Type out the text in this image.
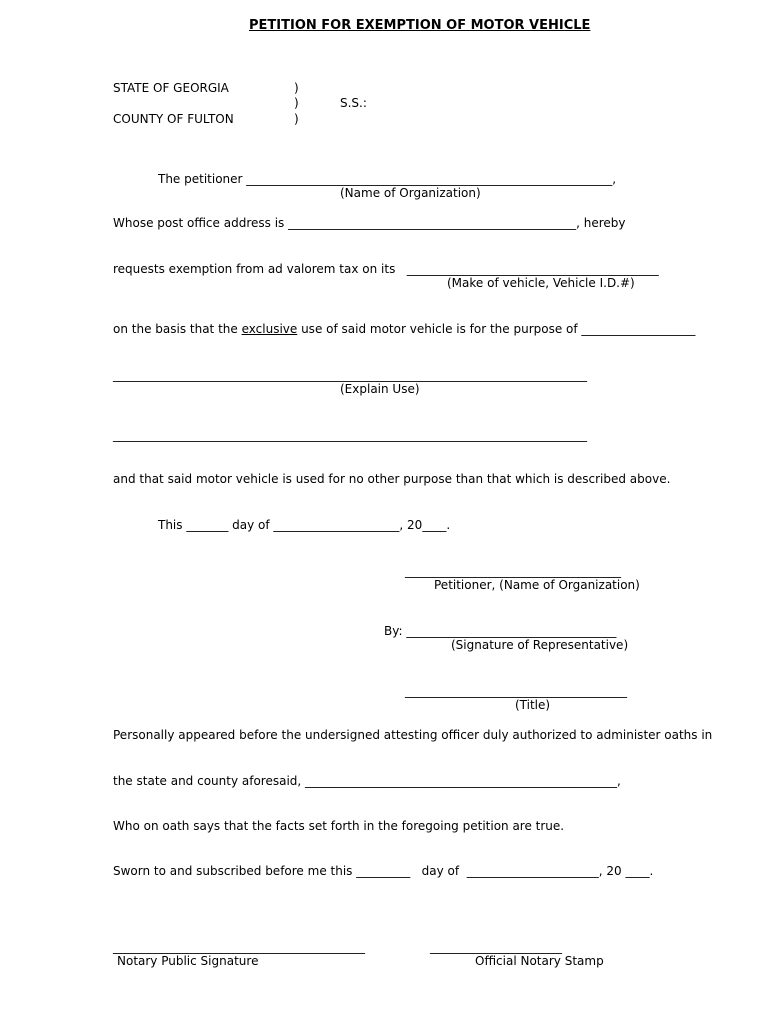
PETITION FOR EXEMPTION OF MOTOR VEHICLE
STATE OF GEORGIA	)
)	S.S.:
COUNTY OF FULTON	)
The petitioner _____________________________________________________________,
(Name of Organization)
Whose post office address is ________________________________________________, hereby
requests exemption from ad valorem tax on its   __________________________________________
(Make of vehicle, Vehicle I.D.#)
on the basis that the exclusive use of said motor vehicle is for the purpose of ___________________
_______________________________________________________________________________
(Explain Use)
_______________________________________________________________________________
and that said motor vehicle is used for no other purpose than that which is described above.
This _______ day of _____________________, 20____.
____________________________________
Petitioner, (Name of Organization)
By: ___________________________________
(Signature of Representative)
_____________________________________
(Title)
Personally appeared before the undersigned attesting officer duly authorized to administer oaths in
the state and county aforesaid, ____________________________________________________,
Who on oath says that the facts set forth in the foregoing petition are true.
Sworn to and subscribed before me this _________   day of  ______________________, 20 ____.
__________________________________________
Notary Public Signature
______________________
Official Notary Stamp
